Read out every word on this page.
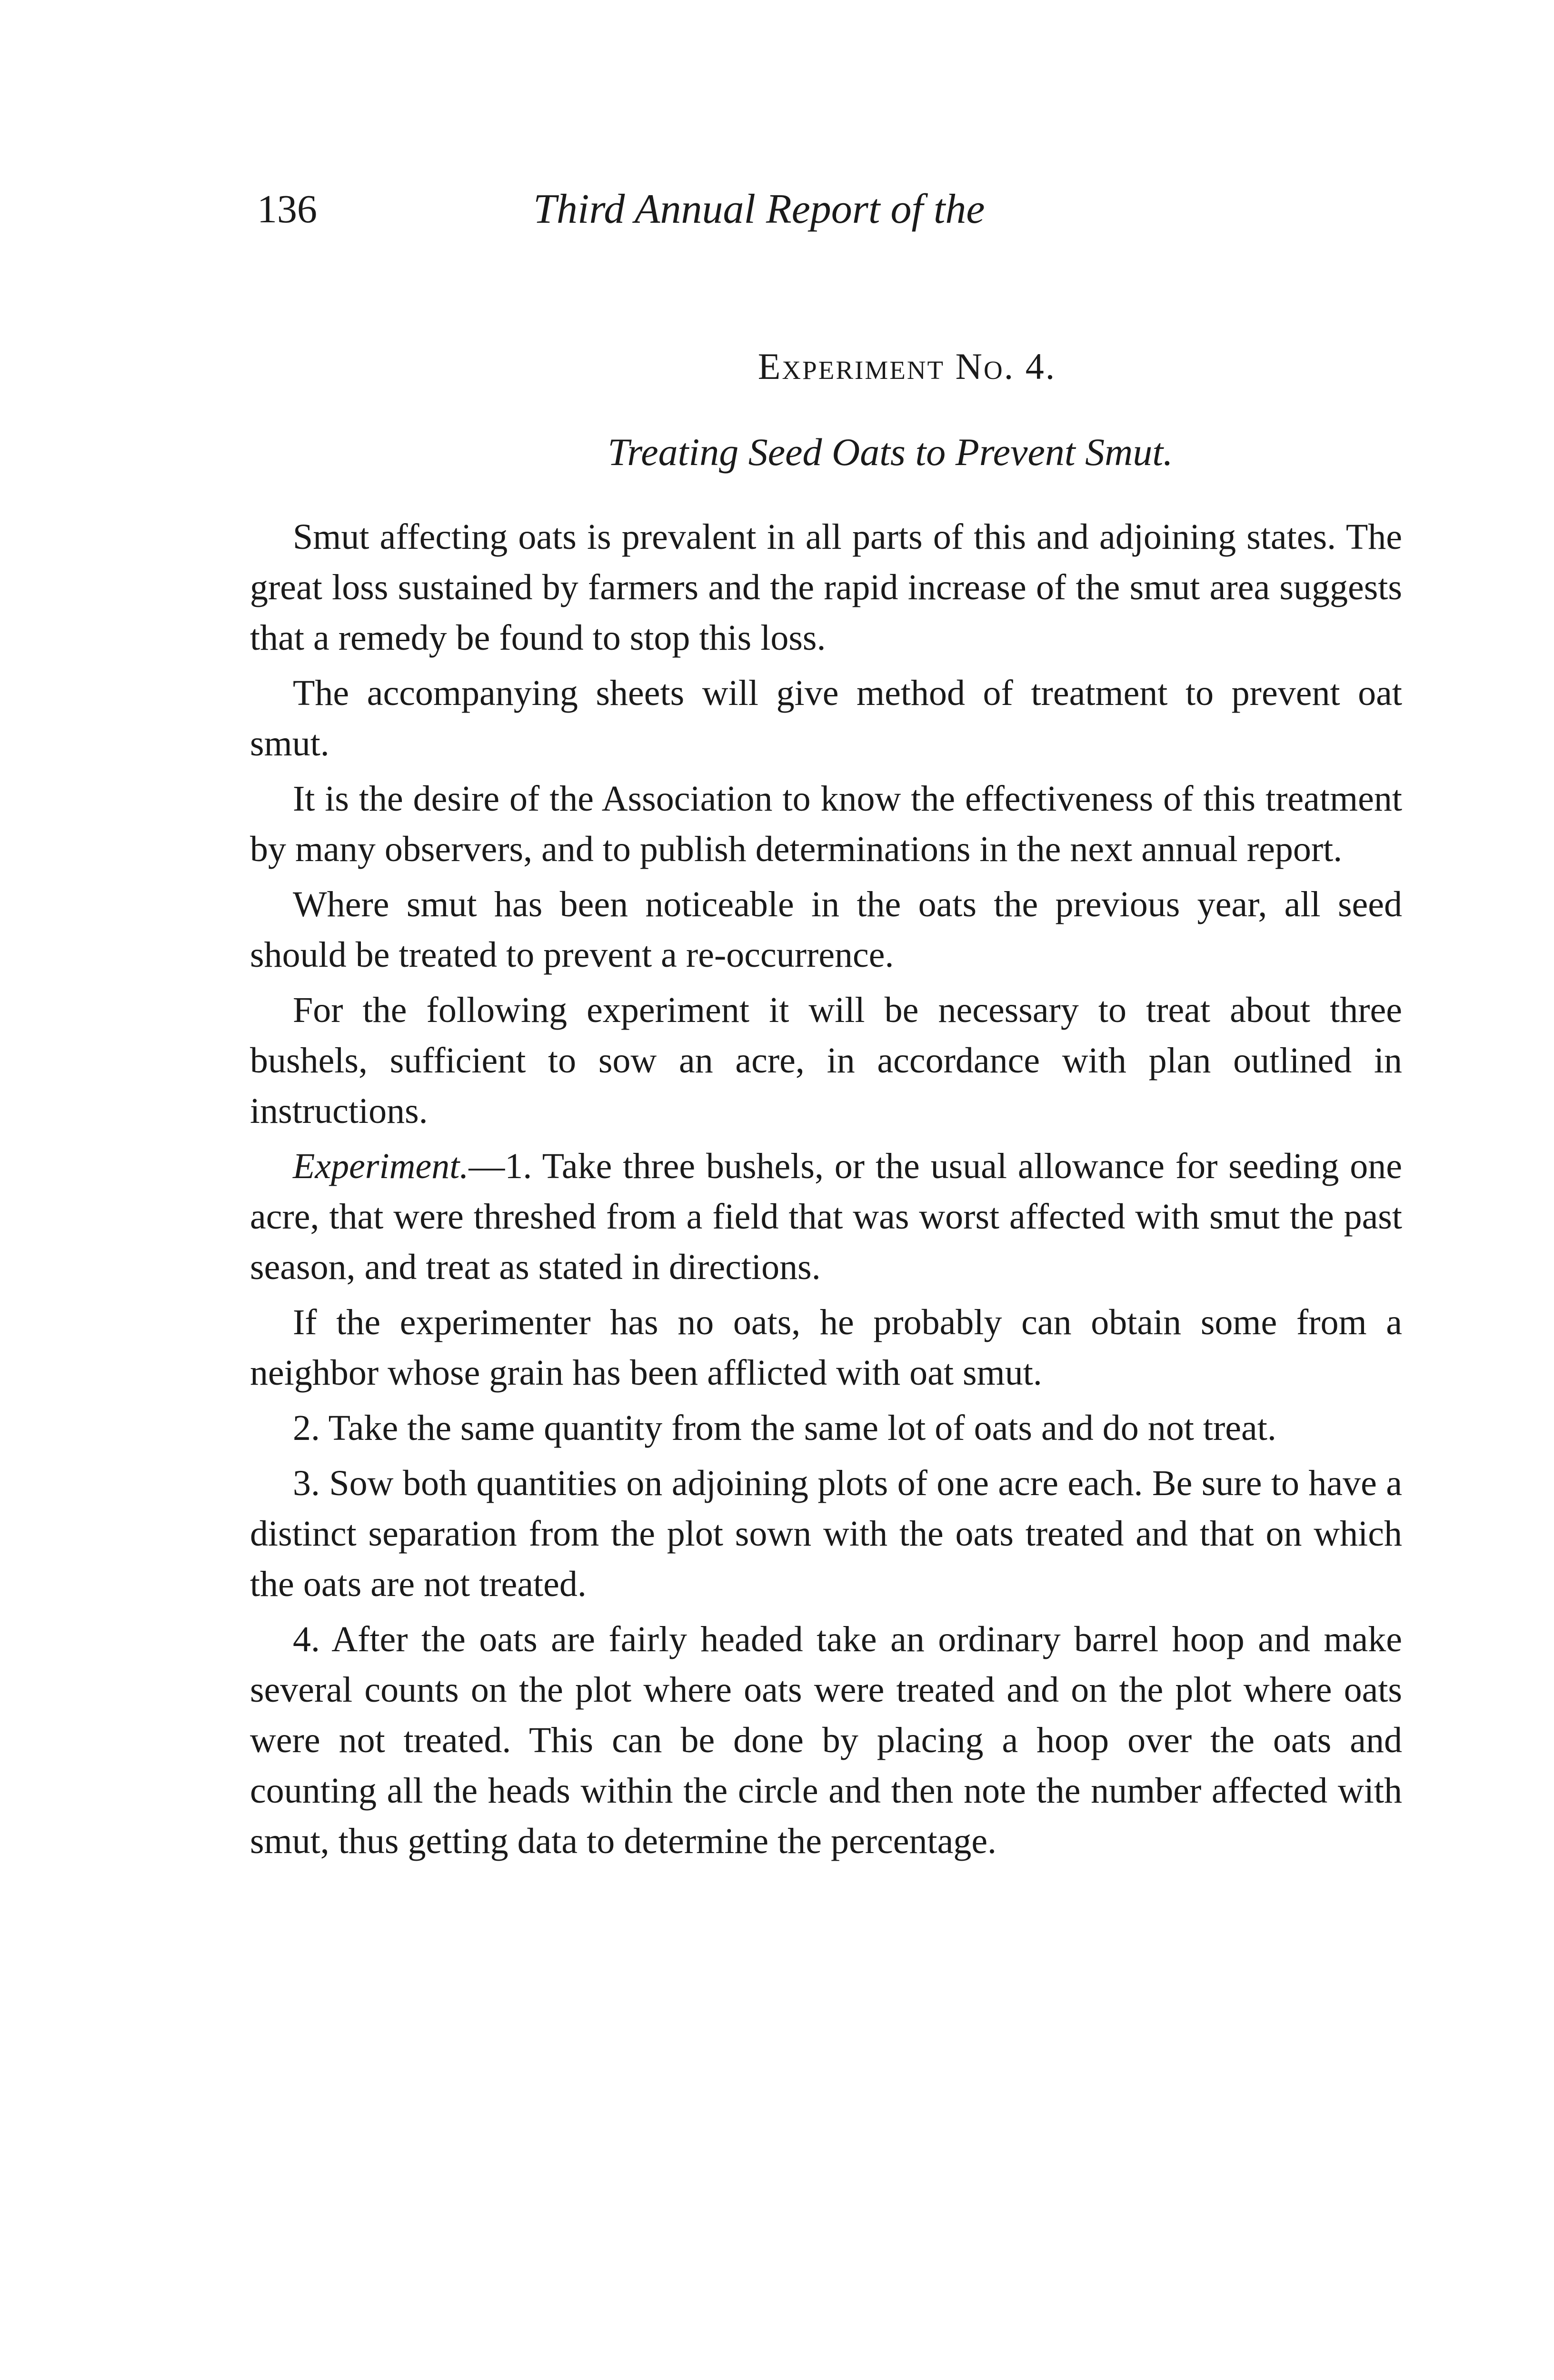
136	Third Annual Report of the
Experiment No. 4.
Treating Seed Oats to Prevent Smut.

Smut affecting oats is prevalent in all parts of this and adjoining states. The great loss sustained by farmers and the rapid increase of the smut area suggests that a remedy be found to stop this loss.

The accompanying sheets will give method of treatment to prevent oat smut.

It is the desire of the Association to know the effectiveness of this treatment by many observers, and to publish determinations in the next annual report.

Where smut has been noticeable in the oats the previous year, all seed should be treated to prevent a re-occurrence.

For the following experiment it will be necessary to treat about three bushels, sufficient to sow an acre, in accordance with plan outlined in instructions.

Experiment.—1. Take three bushels, or the usual allowance for seeding one acre, that were threshed from a field that was worst affected with smut the past season, and treat as stated in directions.

If the experimenter has no oats, he probably can obtain some from a neighbor whose grain has been afflicted with oat smut.

2. Take the same quantity from the same lot of oats and do not treat.

3. Sow both quantities on adjoining plots of one acre each. Be sure to have a distinct separation from the plot sown with the oats treated and that on which the oats are not treated.

4. After the oats are fairly headed take an ordinary barrel hoop and make several counts on the plot where oats were treated and on the plot where oats were not treated. This can be done by placing a hoop over the oats and counting all the heads within the circle and then note the number affected with smut, thus getting data to determine the percentage.
